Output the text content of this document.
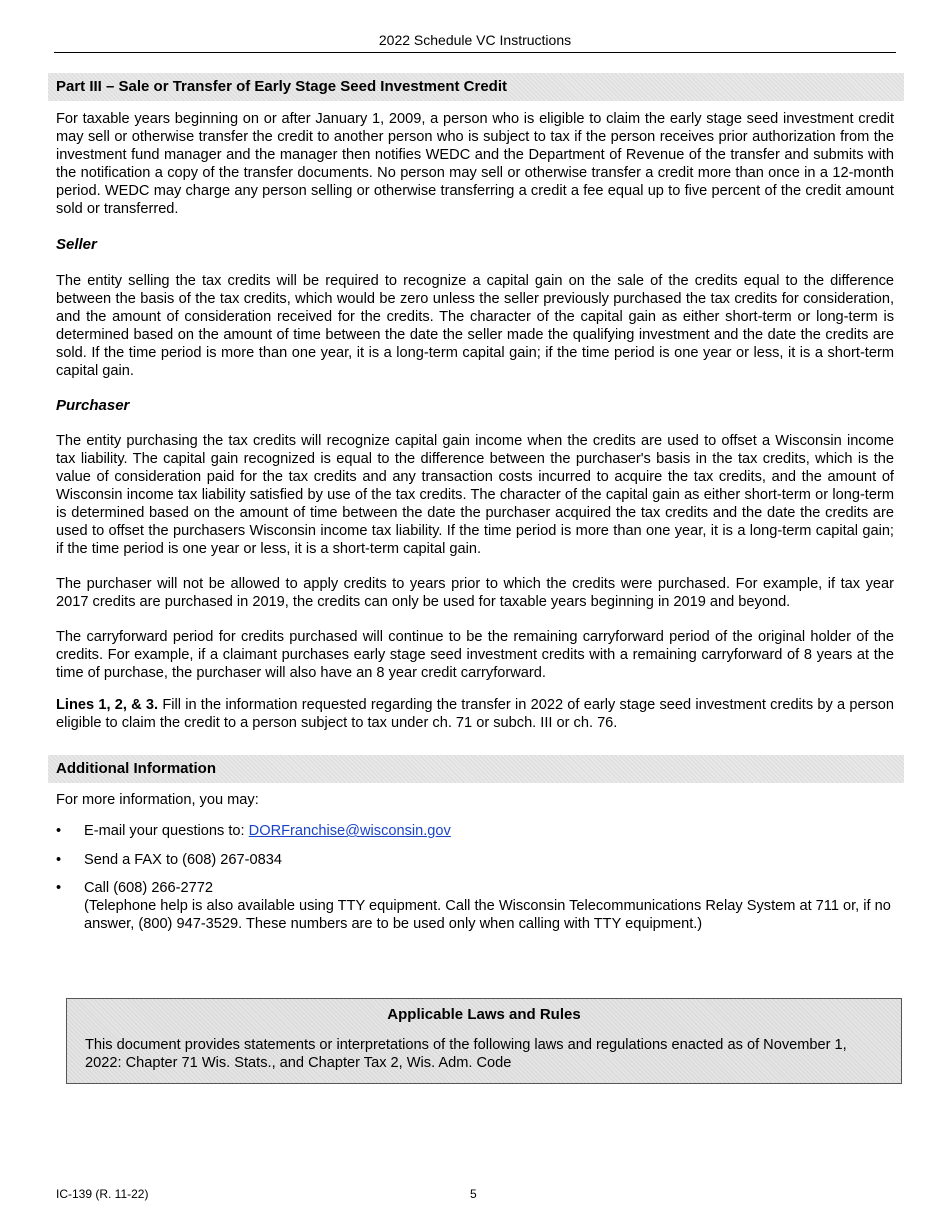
2022 Schedule VC Instructions
Part III – Sale or Transfer of Early Stage Seed Investment Credit

For taxable years beginning on or after January 1, 2009, a person who is eligible to claim the early stage seed investment credit may sell or otherwise transfer the credit to another person who is subject to tax if the person receives prior authorization from the investment fund manager and the manager then notifies WEDC and the Department of Revenue of the transfer and submits with the notification a copy of the transfer documents. No person may sell or otherwise transfer a credit more than once in a 12-month period. WEDC may charge any person selling or otherwise transferring a credit a fee equal up to five percent of the credit amount sold or transferred.

Seller

The entity selling the tax credits will be required to recognize a capital gain on the sale of the credits equal to the difference between the basis of the tax credits, which would be zero unless the seller previously purchased the tax credits for consideration, and the amount of consideration received for the credits. The character of the capital gain as either short-term or long-term is determined based on the amount of time between the date the seller made the qualifying investment and the date the credits are sold. If the time period is more than one year, it is a long-term capital gain; if the time period is one year or less, it is a short-term capital gain.

Purchaser

The entity purchasing the tax credits will recognize capital gain income when the credits are used to offset a Wisconsin income tax liability. The capital gain recognized is equal to the difference between the purchaser's basis in the tax credits, which is the value of consideration paid for the tax credits and any transaction costs incurred to acquire the tax credits, and the amount of Wisconsin income tax liability satisfied by use of the tax credits. The character of the capital gain as either short-term or long-term is determined based on the amount of time between the date the purchaser acquired the tax credits and the date the credits are used to offset the purchasers Wisconsin income tax liability. If the time period is more than one year, it is a long-term capital gain; if the time period is one year or less, it is a short-term capital gain.

The purchaser will not be allowed to apply credits to years prior to which the credits were purchased. For example, if tax year 2017 credits are purchased in 2019, the credits can only be used for taxable years beginning in 2019 and beyond.

The carryforward period for credits purchased will continue to be the remaining carryforward period of the original holder of the credits. For example, if a claimant purchases early stage seed investment credits with a remaining carryforward of 8 years at the time of purchase, the purchaser will also have an 8 year credit carryforward.

Lines 1, 2, & 3. Fill in the information requested regarding the transfer in 2022 of early stage seed investment credits by a person eligible to claim the credit to a person subject to tax under ch. 71 or subch. III or ch. 76.

Additional Information

For more information, you may:

• E-mail your questions to: DORFranchise@wisconsin.gov
• Send a FAX to (608) 267-0834
• Call (608) 266-2772
(Telephone help is also available using TTY equipment. Call the Wisconsin Telecommunications Relay System at 711 or, if no answer, (800) 947-3529. These numbers are to be used only when calling with TTY equipment.)
Applicable Laws and Rules
This document provides statements or interpretations of the following laws and regulations enacted as of November 1, 2022: Chapter 71 Wis. Stats., and Chapter Tax 2, Wis. Adm. Code
IC-139 (R. 11-22)	5
